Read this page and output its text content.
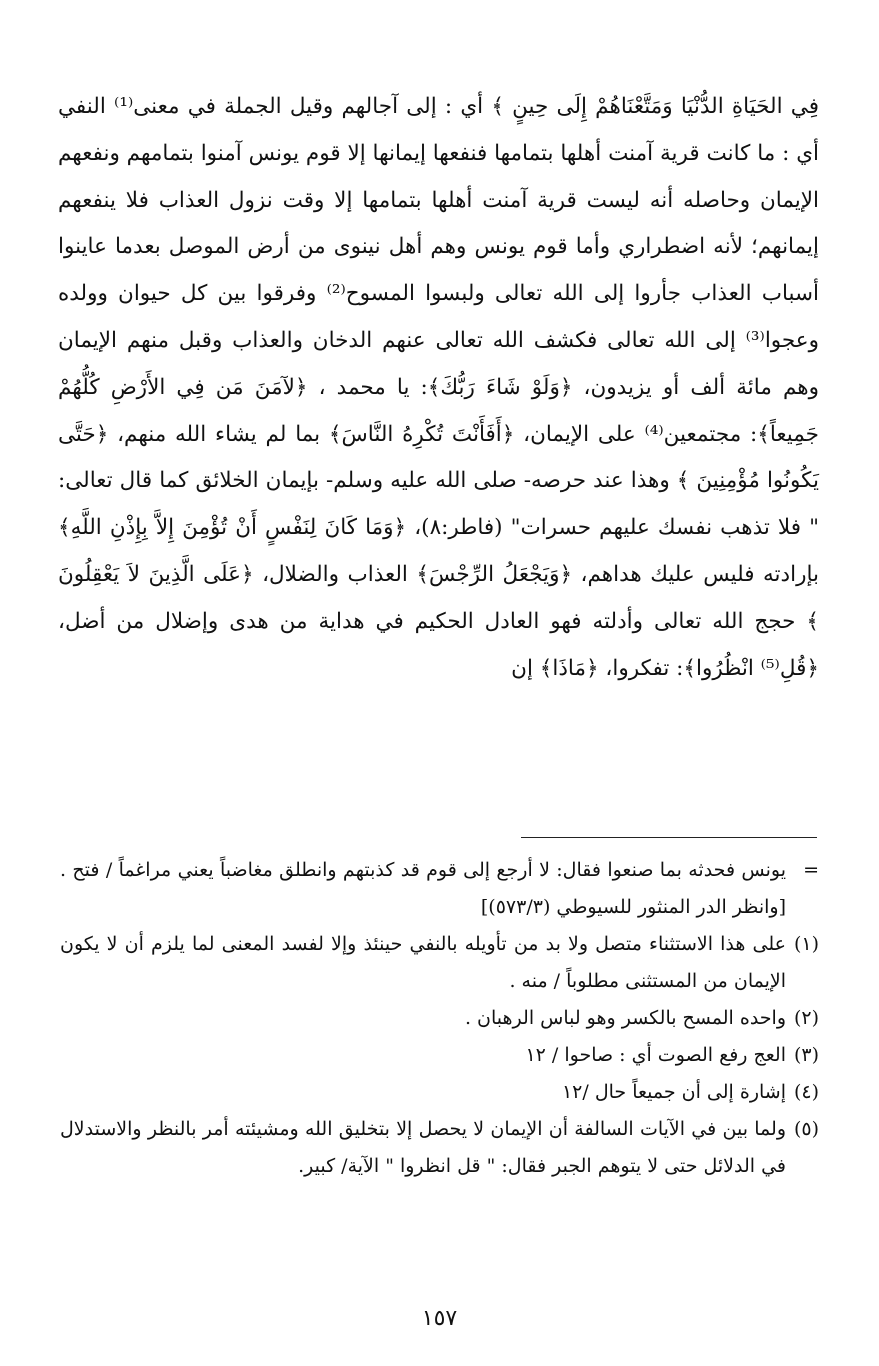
فِي الحَيَاةِ الدُّنْيَا وَمَتَّعْنَاهُمْ إِلَى حِينٍ ﴾ أي : إلى آجالهم وقيل الجملة في معنى⁽¹⁾ النفي أي : ما كانت قرية آمنت أهلها بتمامها فنفعها إيمانها إلا قوم يونس آمنوا بتمامهم ونفعهم الإيمان وحاصله أنه ليست قرية آمنت أهلها بتمامها إلا وقت نزول العذاب فلا ينفعهم إيمانهم؛ لأنه اضطراري وأما قوم يونس وهم أهل نينوى من أرض الموصل بعدما عاينوا أسباب العذاب جأروا إلى الله تعالى ولبسوا المسوح⁽²⁾ وفرقوا بين كل حيوان وولده وعجوا⁽³⁾ إلى الله تعالى فكشف الله تعالى عنهم الدخان والعذاب وقبل منهم الإيمان وهم مائة ألف أو يزيدون، ﴿وَلَوْ شَاءَ رَبُّكَ﴾: يا محمد ، ﴿لآمَنَ مَن فِي الأَرْضِ كُلُّهُمْ جَمِيعاً﴾: مجتمعين⁽⁴⁾ على الإيمان، ﴿أَفَأَنْتَ تُكْرِهُ النَّاسَ﴾ بما لم يشاء الله منهم، ﴿حَتَّى يَكُونُوا مُؤْمِنِينَ ﴾ وهذا عند حرصه- صلى الله عليه وسلم- بإيمان الخلائق كما قال تعالى: " فلا تذهب نفسك عليهم حسرات" (فاطر:٨)، ﴿وَمَا كَانَ لِنَفْسٍ أَنْ تُؤْمِنَ إِلاَّ بِإِذْنِ اللَّهِ﴾ بإرادته فليس عليك هداهم، ﴿وَيَجْعَلُ الرِّجْسَ﴾ العذاب والضلال، ﴿عَلَى الَّذِينَ لاَ يَعْقِلُونَ ﴾ حجج الله تعالى وأدلته فهو العادل الحكيم في هداية من هدى وإضلال من أضل، ﴿قُلِ⁽⁵⁾ انْظُرُوا﴾: تفكروا، ﴿مَاذَا﴾ إن
=
يونس فحدثه بما صنعوا فقال: لا أرجع إلى قوم قد كذبتهم وانطلق مغاضباً يعني مراغماً / فتح .[وانظر الدر المنثور للسيوطي (٥٧٣/٣)]
(١)
على هذا الاستثناء متصل ولا بد من تأويله بالنفي حينئذ وإلا لفسد المعنى لما يلزم أن لا يكون الإيمان من المستثنى مطلوباً / منه .
(٢)
واحده المسح بالكسر وهو لباس الرهبان .
(٣)
العج رفع الصوت أي : صاحوا / ١٢
(٤)
إشارة إلى أن جميعاً حال /١٢
(٥)
ولما بين في الآيات السالفة أن الإيمان لا يحصل إلا بتخليق الله ومشيئته أمر بالنظر والاستدلال في الدلائل حتى لا يتوهم الجبر فقال: " قل انظروا " الآية/ كبير.
١٥٧
